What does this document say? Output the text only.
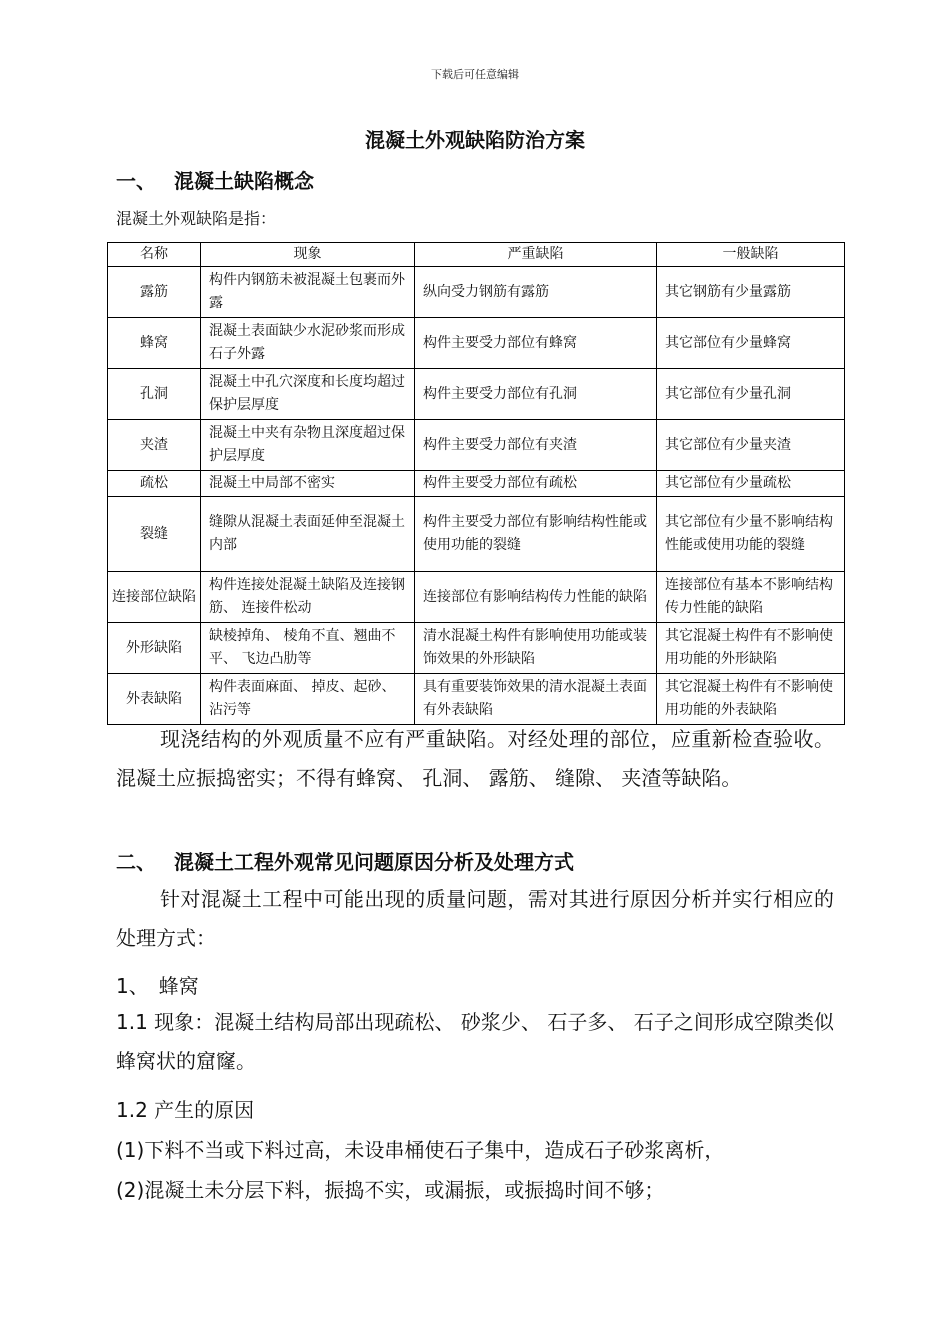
下载后可任意编辑
混凝土外观缺陷防治方案
一、 混凝土缺陷概念
混凝土外观缺陷是指：
名称	现象	严重缺陷	一般缺陷
露筋	构件内钢筋未被混凝土包裹而外露	纵向受力钢筋有露筋	其它钢筋有少量露筋
蜂窝	混凝土表面缺少水泥砂浆而形成石子外露	构件主要受力部位有蜂窝	其它部位有少量蜂窝
孔洞	混凝土中孔穴深度和长度均超过保护层厚度	构件主要受力部位有孔洞	其它部位有少量孔洞
夹渣	混凝土中夹有杂物且深度超过保护层厚度	构件主要受力部位有夹渣	其它部位有少量夹渣
疏松	混凝土中局部不密实	构件主要受力部位有疏松	其它部位有少量疏松
裂缝	缝隙从混凝土表面延伸至混凝土内部	构件主要受力部位有影响结构性能或使用功能的裂缝	其它部位有少量不影响结构性能或使用功能的裂缝
连接部位缺陷	构件连接处混凝土缺陷及连接钢筋、 连接件松动	连接部位有影响结构传力性能的缺陷	连接部位有基本不影响结构传力性能的缺陷
外形缺陷	缺棱掉角、 棱角不直、翘曲不平、 飞边凸肋等	清水混凝土构件有影响使用功能或装饰效果的外形缺陷	其它混凝土构件有不影响使用功能的外形缺陷
外表缺陷	构件表面麻面、 掉皮、起砂、 沾污等	具有重要装饰效果的清水混凝土表面有外表缺陷	其它混凝土构件有不影响使用功能的外表缺陷
现浇结构的外观质量不应有严重缺陷。对经处理的部位，应重新检查验收。混凝土应振捣密实；不得有蜂窝、 孔洞、 露筋、 缝隙、 夹渣等缺陷。
二、 混凝土工程外观常见问题原因分析及处理方式
针对混凝土工程中可能出现的质量问题，需对其进行原因分析并实行相应的处理方式：
1、　蜂窝
1.1 现象：混凝土结构局部出现疏松、 砂浆少、 石子多、 石子之间形成空隙类似蜂窝状的窟窿。
1.2 产生的原因
(1)下料不当或下料过高，未设串桶使石子集中，造成石子砂浆离析，
(2)混凝土未分层下料，振捣不实，或漏振，或振捣时间不够；
